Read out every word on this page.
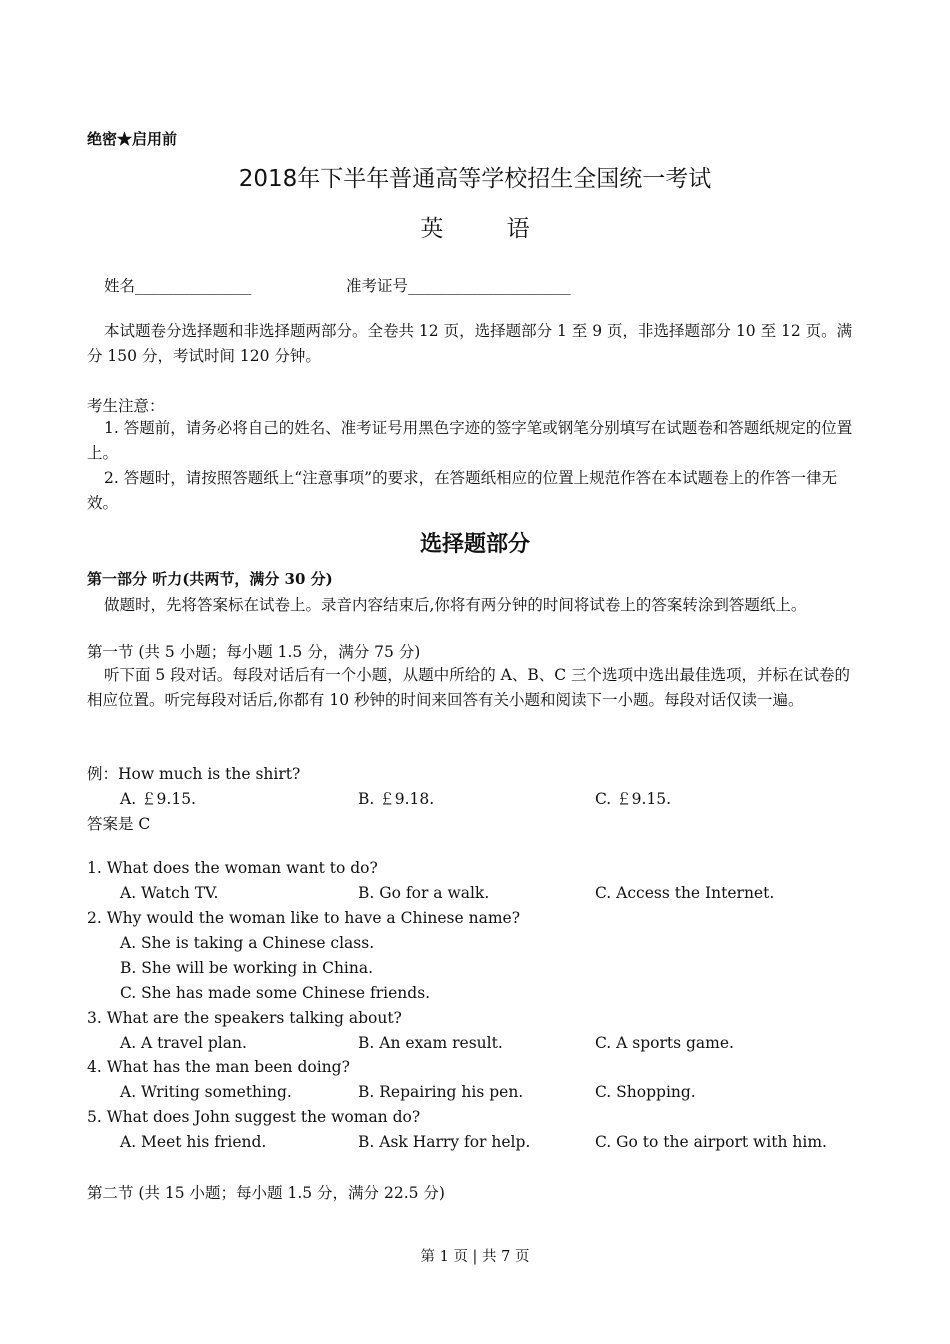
绝密★启用前
2018年下半年普通高等学校招生全国统一考试
英 语
姓名_______________	准考证号_____________________
本试题卷分选择题和非选择题两部分。全卷共 12 页，选择题部分 1 至 9 页，非选择题部分 10 至 12 页。满分 150 分，考试时间 120 分钟。
考生注意：
1. 答题前，请务必将自己的姓名、准考证号用黑色字迹的签字笔或钢笔分别填写在试题卷和答题纸规定的位置上。
2. 答题时，请按照答题纸上“注意事项”的要求，在答题纸相应的位置上规范作答在本试题卷上的作答一律无效。
第一部分 听力(共两节，满分 30 分)
做题时，先将答案标在试卷上。录音内容结束后,你将有两分钟的时间将试卷上的答案转涂到答题纸上。
第一节 (共 5 小题；每小题 1.5 分，满分 75 分)
听下面 5 段对话。每段对话后有一个小题，从题中所给的 A、B、C 三个选项中选出最佳选项，并标在试卷的相应位置。听完每段对话后,你都有 10 秒钟的时间来回答有关小题和阅读下一小题。每段对话仅读一遍。
例：How much is the shirt?
A. ￡9.15.	B. ￡9.18.	C. ￡9.15.
答案是 C
1. What does the woman want to do?
A. Watch TV.	B. Go for a walk.	C. Access the Internet.
2. Why would the woman like to have a Chinese name?
A. She is taking a Chinese class.
B. She will be working in China.
C. She has made some Chinese friends.
3. What are the speakers talking about?
A. A travel plan.	B. An exam result.	C. A sports game.
4. What has the man been doing?
A. Writing something.	B. Repairing his pen.	C. Shopping.
5. What does John suggest the woman do?
A. Meet his friend.	B. Ask Harry for help.	C. Go to the airport with him.
第二节 (共 15 小题；每小题 1.5 分，满分 22.5 分)
选择题部分
第 1 页 | 共 7 页
